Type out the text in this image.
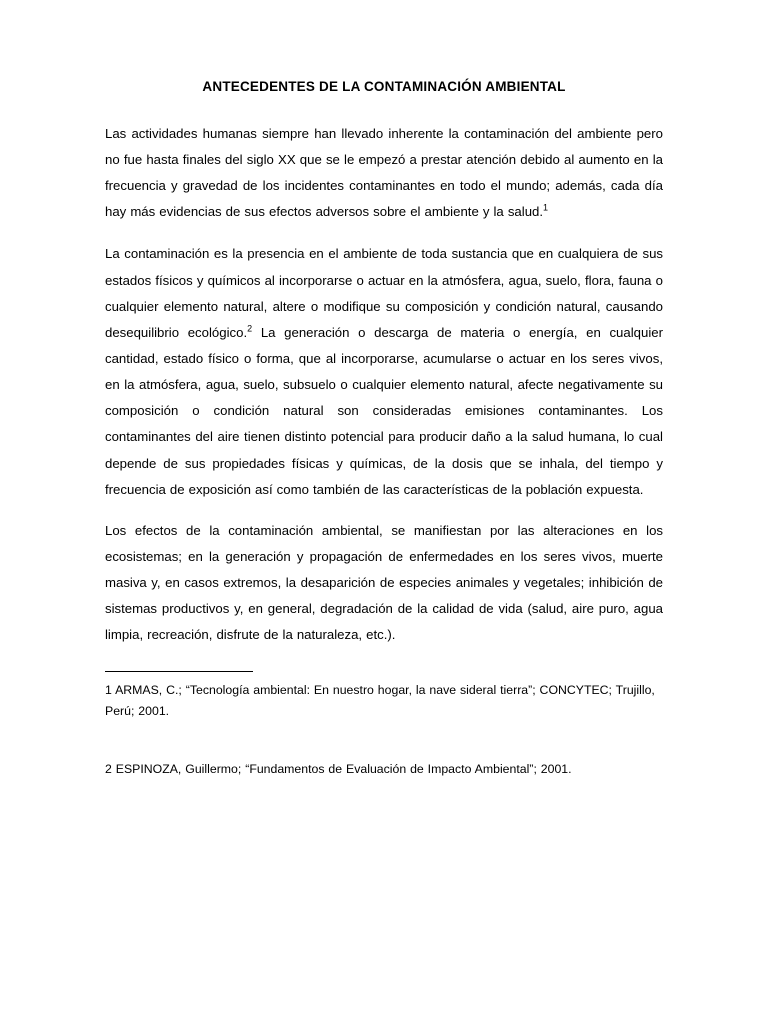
ANTECEDENTES DE LA CONTAMINACIÓN AMBIENTAL

Las actividades humanas siempre han llevado inherente la contaminación del ambiente pero no fue hasta finales del siglo XX que se le empezó a prestar atención debido al aumento en la frecuencia y gravedad de los incidentes contaminantes en todo el mundo; además, cada día hay más evidencias de sus efectos adversos sobre el ambiente y la salud.$^1$

La contaminación es la presencia en el ambiente de toda sustancia que en cualquiera de sus estados físicos y químicos al incorporarse o actuar en la atmósfera, agua, suelo, flora, fauna o cualquier elemento natural, altere o modifique su composición y condición natural, causando desequilibrio ecológico.$^2$ La generación o descarga de materia o energía, en cualquier cantidad, estado físico o forma, que al incorporarse, acumularse o actuar en los seres vivos, en la atmósfera, agua, suelo, subsuelo o cualquier elemento natural, afecte negativamente su composición o condición natural son consideradas emisiones contaminantes. Los contaminantes del aire tienen distinto potencial para producir daño a la salud humana, lo cual depende de sus propiedades físicas y químicas, de la dosis que se inhala, del tiempo y frecuencia de exposición así como también de las características de la población expuesta.

Los efectos de la contaminación ambiental, se manifiestan por las alteraciones en los ecosistemas; en la generación y propagación de enfermedades en los seres vivos, muerte masiva y, en casos extremos, la desaparición de especies animales y vegetales; inhibición de sistemas productivos y, en general, degradación de la calidad de vida (salud, aire puro, agua limpia, recreación, disfrute de la naturaleza, etc.).

1 ARMAS, C.; “Tecnología ambiental: En nuestro hogar, la nave sideral tierra”; CONCYTEC; Trujillo, Perú; 2001.

2 ESPINOZA, Guillermo; “Fundamentos de Evaluación de Impacto Ambiental”; 2001.
